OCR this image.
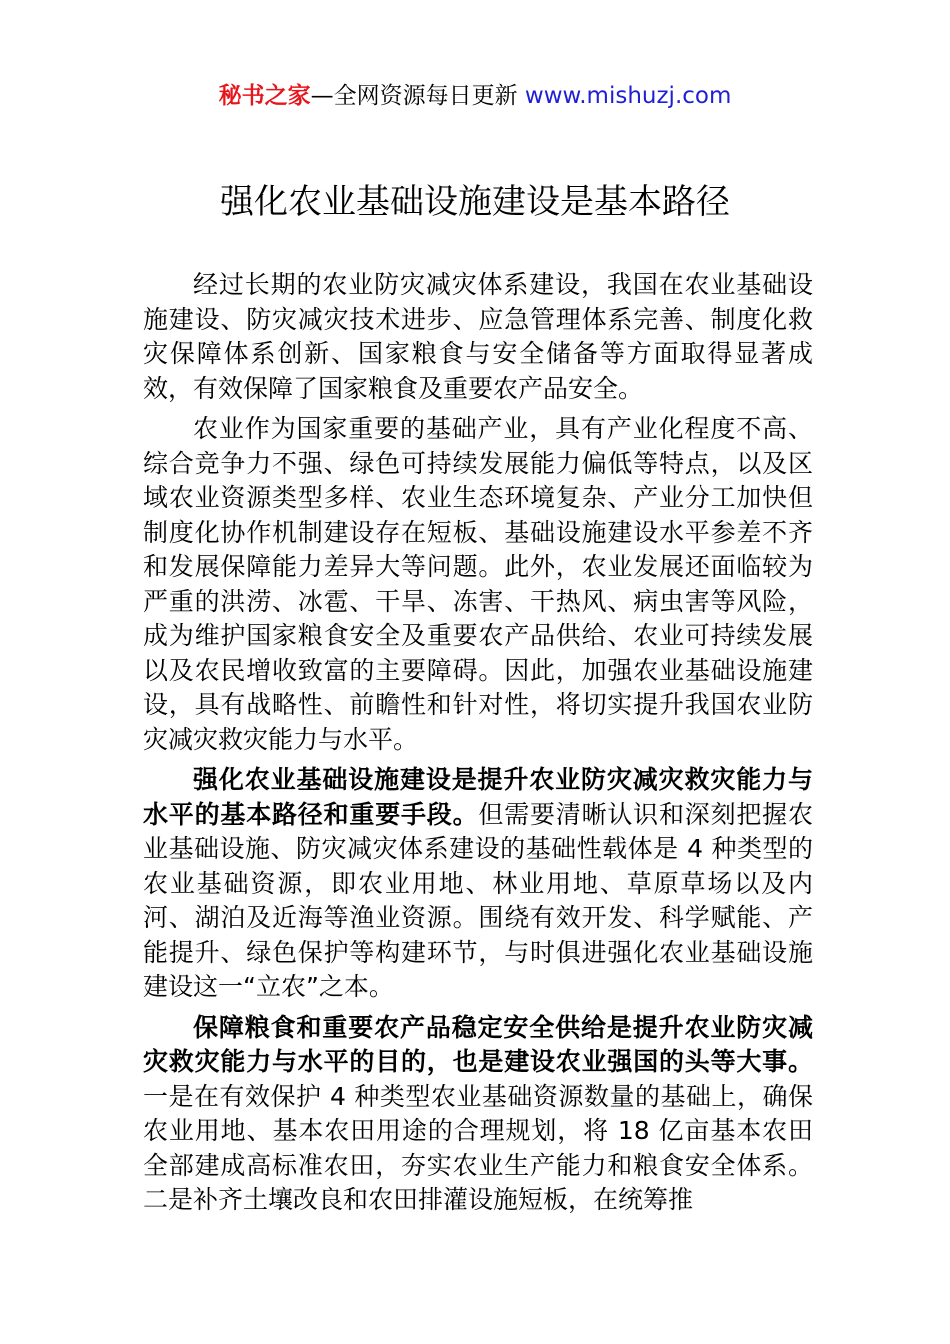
秘书之家—全网资源每日更新 www.mishuzj.com
强化农业基础设施建设是基本路径

经过长期的农业防灾减灾体系建设，我国在农业基础设施建设、防灾减灾技术进步、应急管理体系完善、制度化救灾保障体系创新、国家粮食与安全储备等方面取得显著成效，有效保障了国家粮食及重要农产品安全。

农业作为国家重要的基础产业，具有产业化程度不高、综合竞争力不强、绿色可持续发展能力偏低等特点，以及区域农业资源类型多样、农业生态环境复杂、产业分工加快但制度化协作机制建设存在短板、基础设施建设水平参差不齐和发展保障能力差异大等问题。此外，农业发展还面临较为严重的洪涝、冰雹、干旱、冻害、干热风、病虫害等风险，成为维护国家粮食安全及重要农产品供给、农业可持续发展以及农民增收致富的主要障碍。因此，加强农业基础设施建设，具有战略性、前瞻性和针对性，将切实提升我国农业防灾减灾救灾能力与水平。

强化农业基础设施建设是提升农业防灾减灾救灾能力与水平的基本路径和重要手段。但需要清晰认识和深刻把握农业基础设施、防灾减灾体系建设的基础性载体是 4 种类型的农业基础资源，即农业用地、林业用地、草原草场以及内河、湖泊及近海等渔业资源。围绕有效开发、科学赋能、产能提升、绿色保护等构建环节，与时俱进强化农业基础设施建设这一“立农”之本。

保障粮食和重要农产品稳定安全供给是提升农业防灾减灾救灾能力与水平的目的，也是建设农业强国的头等大事。一是在有效保护 4 种类型农业基础资源数量的基础上，确保农业用地、基本农田用途的合理规划，将 18 亿亩基本农田全部建成高标准农田，夯实农业生产能力和粮食安全体系。二是补齐土壤改良和农田排灌设施短板，在统筹推
